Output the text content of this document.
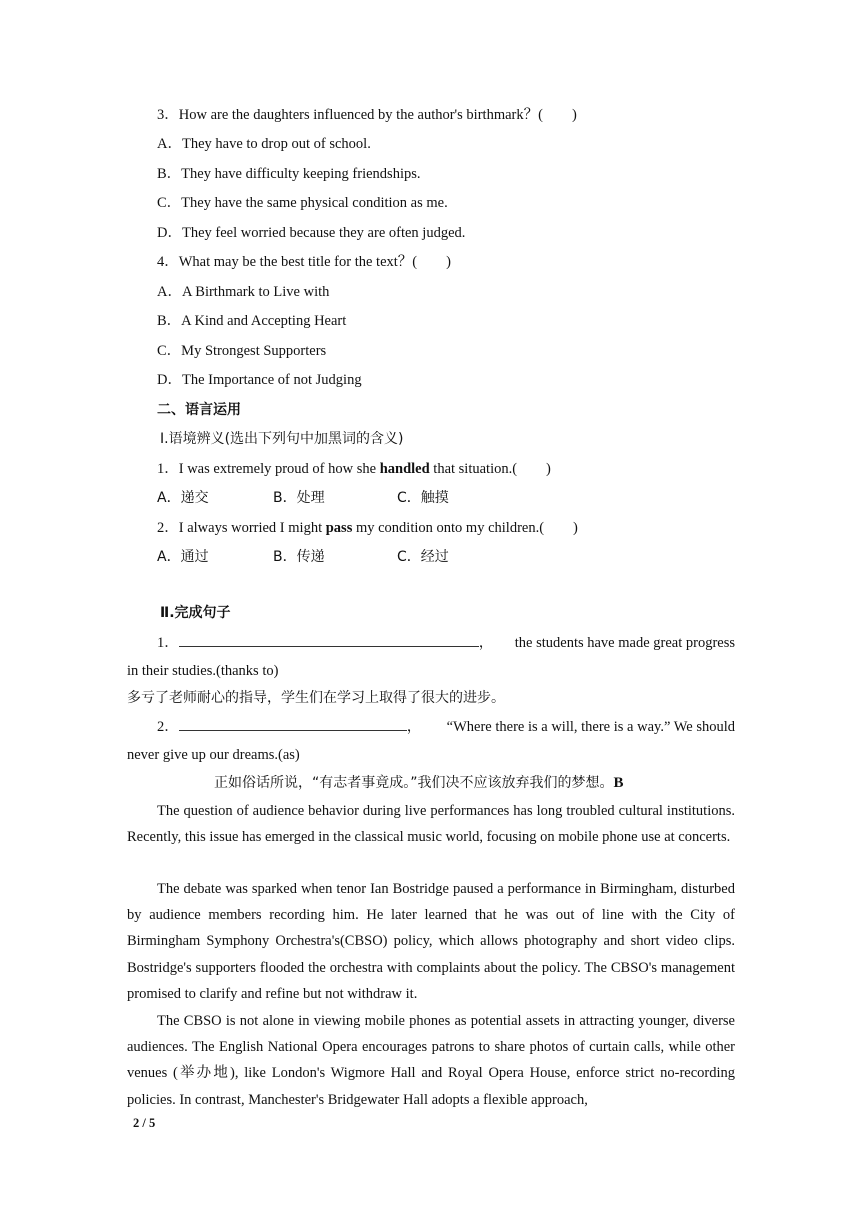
3．How are the daughters influenced by the author's birthmark？(　　)
A．They have to drop out of school.
B．They have difficulty keeping friendships.
C．They have the same physical condition as me.
D．They feel worried because they are often judged.
4．What may be the best title for the text？(　　)
A．A Birthmark to Live with
B．A Kind and Accepting Heart
C．My Strongest Supporters
D．The Importance of not Judging
二、语言运用
Ⅰ.语境辨义(选出下列句中加黑词的含义)
1．I was extremely proud of how she handled that situation.(　　)
A．递交	B．处理	C．触摸
2．I always worried I might pass my condition onto my children.(　　)
A．通过	B．传递	C．经过
Ⅱ.完成句子
1．	， the students have made great progress
in their studies.(thanks to)
多亏了老师耐心的指导，学生们在学习上取得了很大的进步。
2．	， “Where there is a will, there is a way.” We should
never give up our dreams.(as)
正如俗话所说，“有志者事竟成。”我们决不应该放弃我们的梦想。B
The question of audience behavior during live performances has long troubled cultural institutions. Recently, this issue has emerged in the classical music world, focusing on mobile phone use at concerts.
The debate was sparked when tenor Ian Bostridge paused a performance in Birmingham, disturbed by audience members recording him. He later learned that he was out of line with the City of Birmingham Symphony Orchestra's(CBSO) policy, which allows photography and short video clips. Bostridge's supporters flooded the orchestra with complaints about the policy. The CBSO's management promised to clarify and refine but not withdraw it.
The CBSO is not alone in viewing mobile phones as potential assets in attracting younger, diverse audiences. The English National Opera encourages patrons to share photos of curtain calls, while other venues (举办地), like London's Wigmore Hall and Royal Opera House, enforce strict no-recording policies. In contrast, Manchester's Bridgewater Hall adopts a flexible approach,
2 / 5
